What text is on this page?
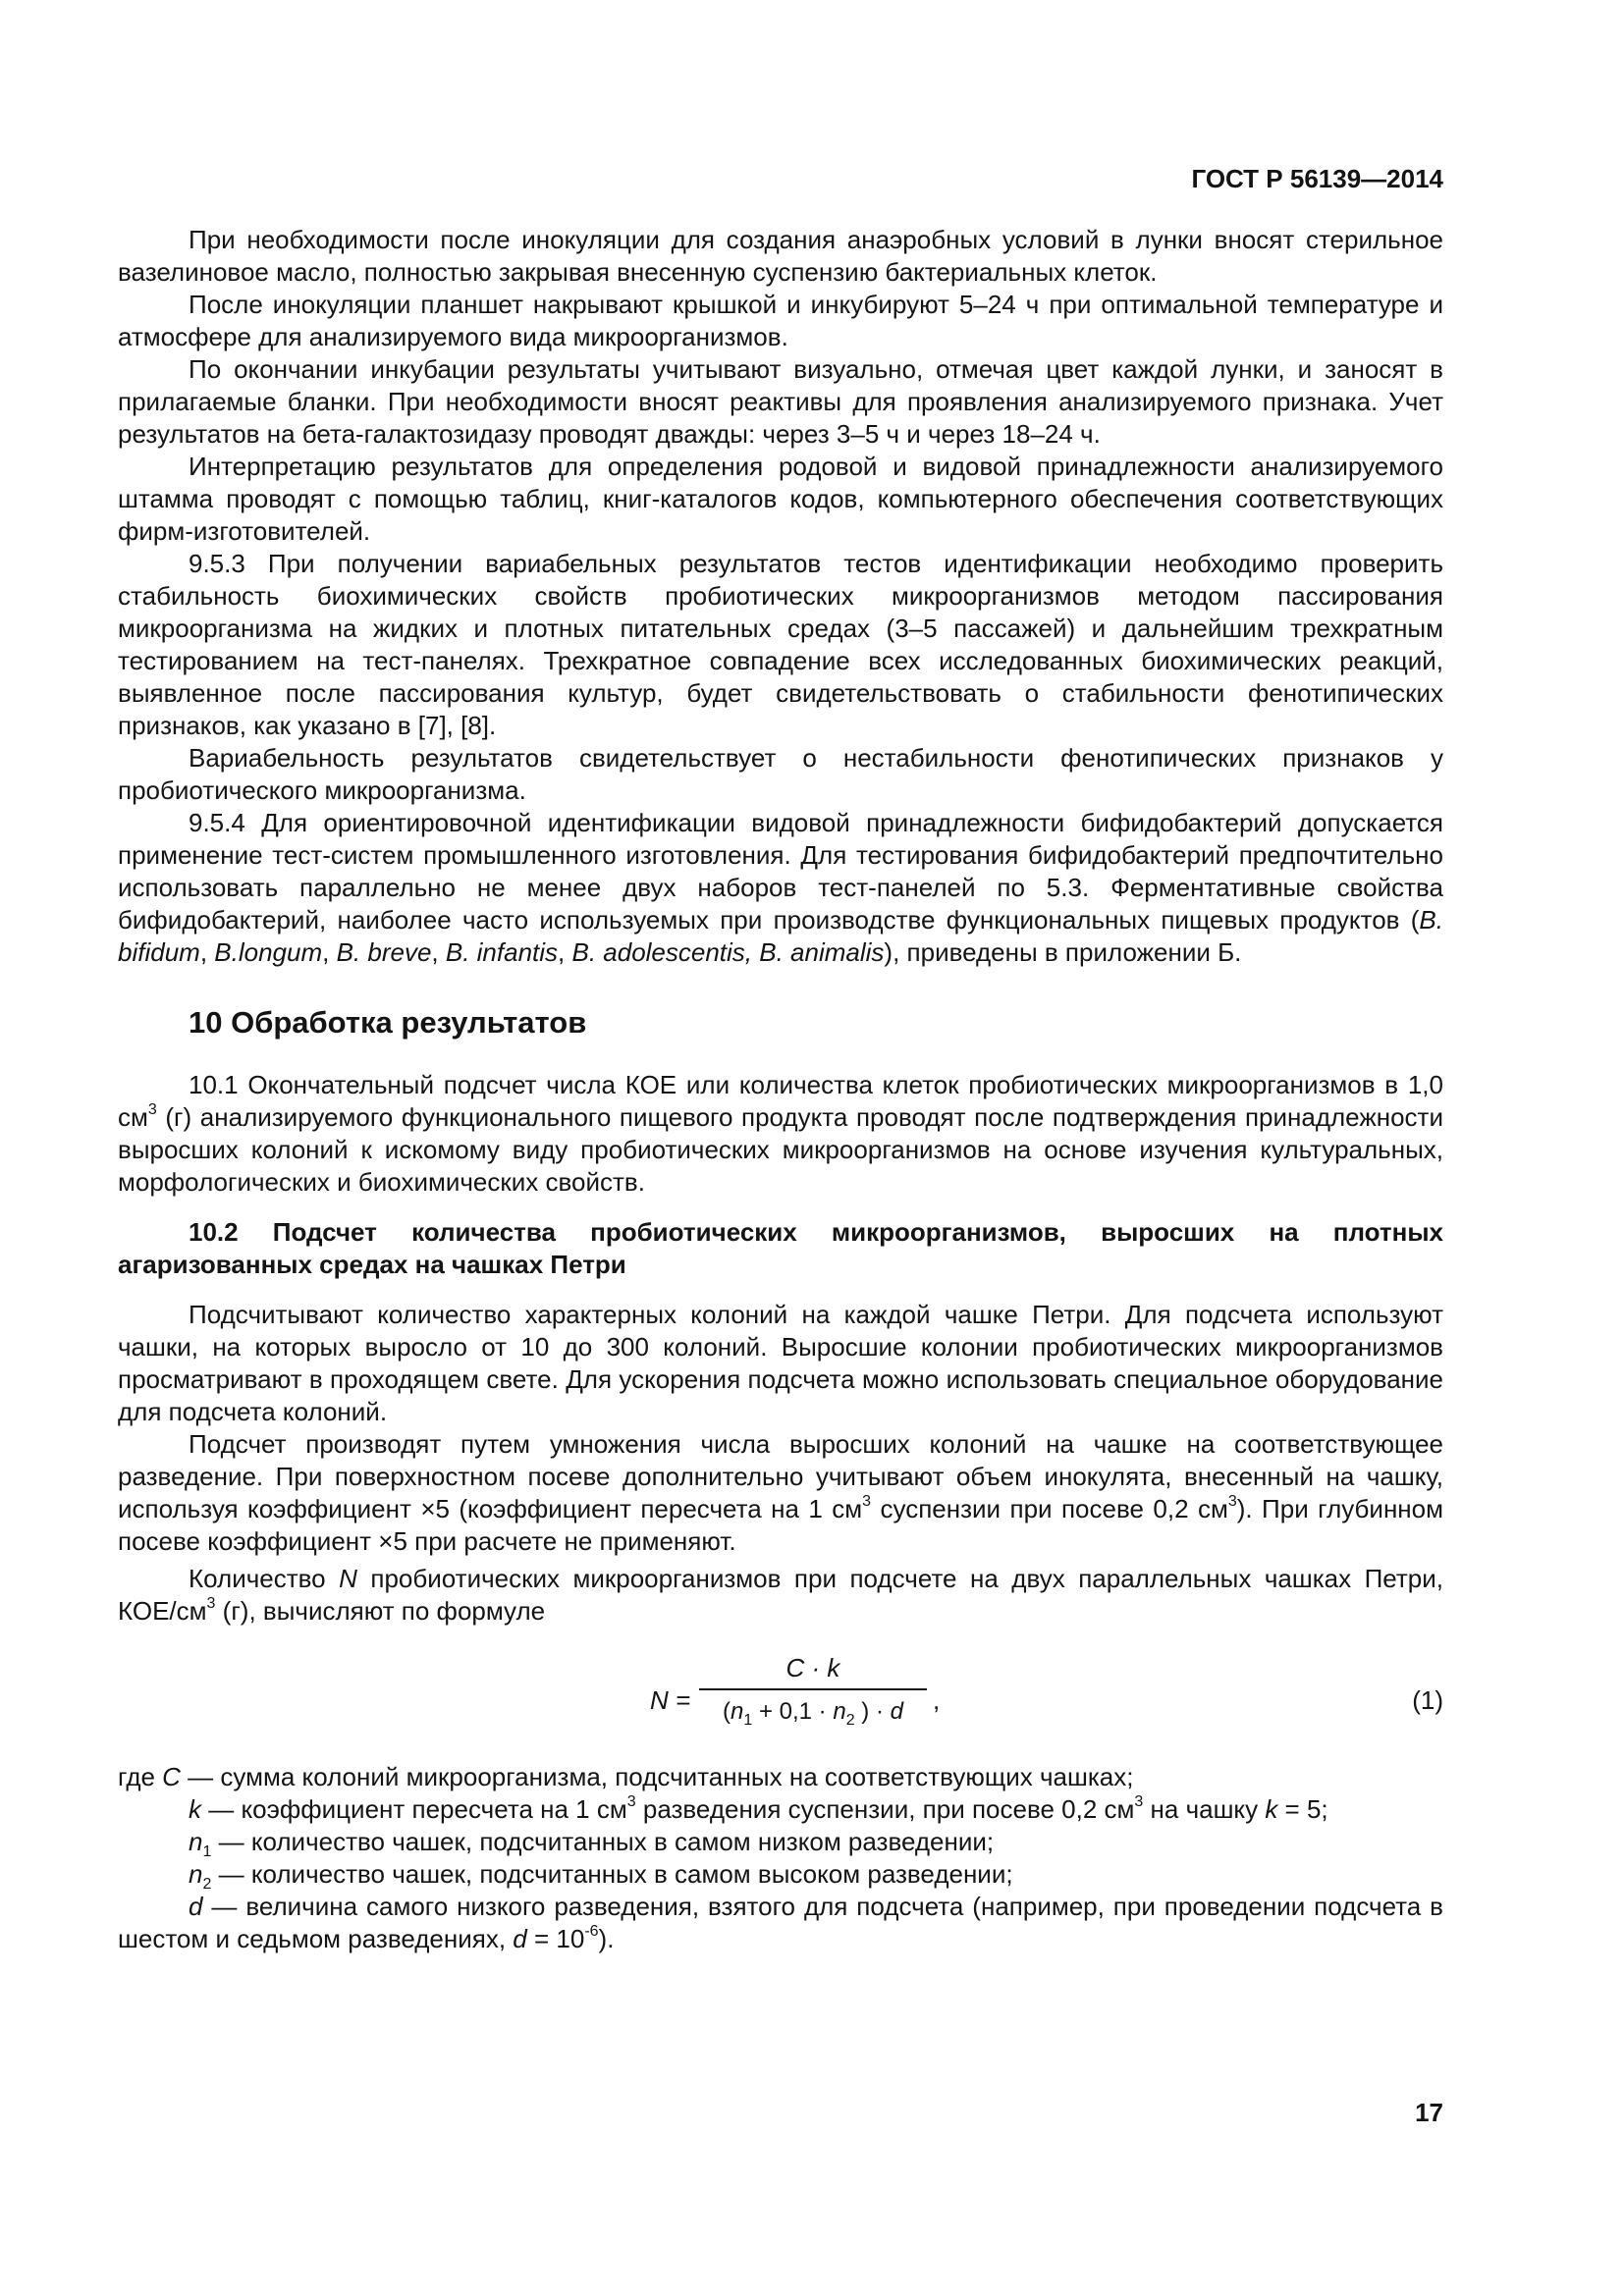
ГОСТ Р 56139—2014

При необходимости после инокуляции для создания анаэробных условий в лунки вносят стерильное вазелиновое масло, полностью закрывая внесенную суспензию бактериальных клеток.

После инокуляции планшет накрывают крышкой и инкубируют 5–24 ч при оптимальной температуре и атмосфере для анализируемого вида микроорганизмов.

По окончании инкубации результаты учитывают визуально, отмечая цвет каждой лунки, и заносят в прилагаемые бланки. При необходимости вносят реактивы для проявления анализируемого признака. Учет результатов на бета-галактозидазу проводят дважды: через 3–5 ч и через 18–24 ч.

Интерпретацию результатов для определения родовой и видовой принадлежности анализируемого штамма проводят с помощью таблиц, книг-каталогов кодов, компьютерного обеспечения соответствующих фирм-изготовителей.

9.5.3 При получении вариабельных результатов тестов идентификации необходимо проверить стабильность биохимических свойств пробиотических микроорганизмов методом пассирования микроорганизма на жидких и плотных питательных средах (3–5 пассажей) и дальнейшим трехкратным тестированием на тест-панелях. Трехкратное совпадение всех исследованных биохимических реакций, выявленное после пассирования культур, будет свидетельствовать о стабильности фенотипических признаков, как указано в [7], [8].

Вариабельность результатов свидетельствует о нестабильности фенотипических признаков у пробиотического микроорганизма.

9.5.4 Для ориентировочной идентификации видовой принадлежности бифидобактерий допускается применение тест-систем промышленного изготовления. Для тестирования бифидобактерий предпочтительно использовать параллельно не менее двух наборов тест-панелей по 5.3. Ферментативные свойства бифидобактерий, наиболее часто используемых при производстве функциональных пищевых продуктов (B. bifidum, B.longum, B. breve, B. infantis, B. adolescentis, B. animalis), приведены в приложении Б.

10 Обработка результатов

10.1 Окончательный подсчет числа КОЕ или количества клеток пробиотических микроорганизмов в 1,0 $см^3$ (г) анализируемого функционального пищевого продукта проводят после подтверждения принадлежности выросших колоний к искомому виду пробиотических микроорганизмов на основе изучения культуральных, морфологических и биохимических свойств.

10.2 Подсчет количества пробиотических микроорганизмов, выросших на плотных агаризованных средах на чашках Петри

Подсчитывают количество характерных колоний на каждой чашке Петри. Для подсчета используют чашки, на которых выросло от 10 до 300 колоний. Выросшие колонии пробиотических микроорганизмов просматривают в проходящем свете. Для ускорения подсчета можно использовать специальное оборудование для подсчета колоний.

Подсчет производят путем умножения числа выросших колоний на чашке на соответствующее разведение. При поверхностном посеве дополнительно учитывают объем инокулята, внесенный на чашку, используя коэффициент ×5 (коэффициент пересчета на 1 $см^3$ суспензии при посеве 0,2 $см^3$). При глубинном посеве коэффициент ×5 при расчете не применяют.

Количество N пробиотических микроорганизмов при подсчете на двух параллельных чашках Петри, КОЕ/$см^3$ (г), вычисляют по формуле

N =
C · k
($n_1 + 0,1 \cdot n_2$ ) · d	,	(1)

где C — сумма колоний микроорганизма, подсчитанных на соответствующих чашках;

k — коэффициент пересчета на 1 $см^3$ разведения суспензии, при посеве 0,2 $см^3$ на чашку k = 5;

$n_1$ — количество чашек, подсчитанных в самом низком разведении;

$n_2$ — количество чашек, подсчитанных в самом высоком разведении;

d — величина самого низкого разведения, взятого для подсчета (например, при проведении подсчета в шестом и седьмом разведениях, $d = 10^{-6}$).

17
